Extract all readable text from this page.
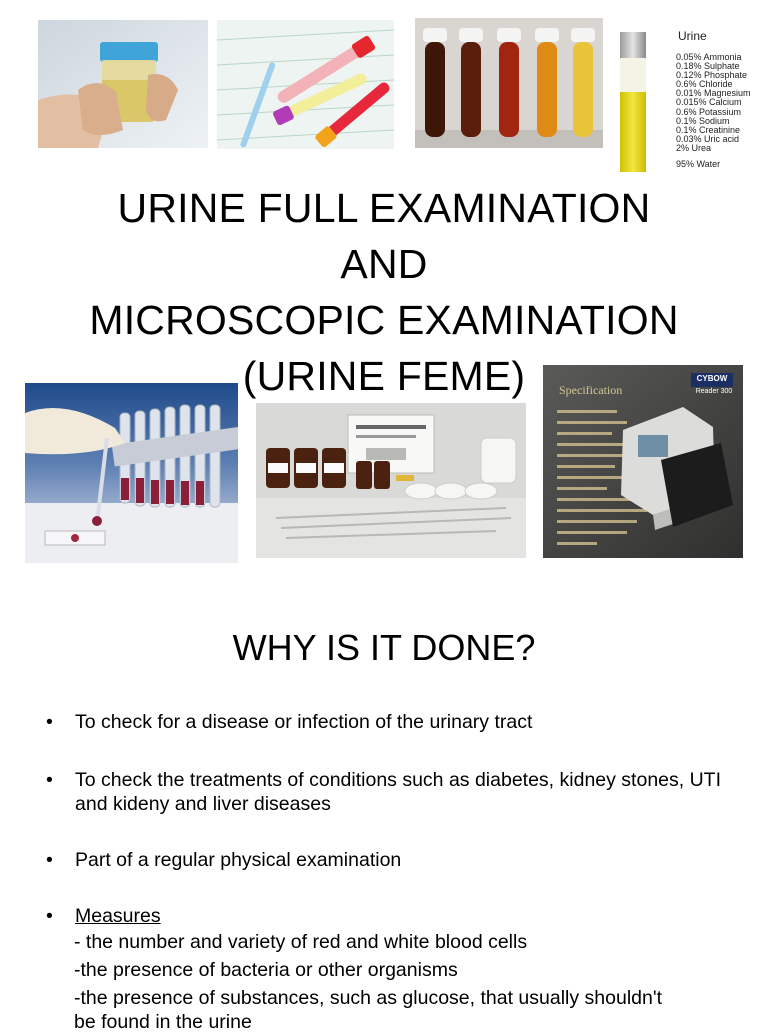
Urine
0.05% Ammonia
0.18% Sulphate
0.12% Phosphate
0.6% Chloride
0.01% Magnesium
0.015% Calcium
0.6% Potassium
0.1% Sodium
0.1% Creatinine
0.03% Uric acid
2% Urea
95% Water
URINE FULL EXAMINATION
AND
MICROSCOPIC EXAMINATION
(URINE FEME)	Specification
CYBOW
Reader 300
WHY IS IT DONE?
• To check for a disease or infection of the urinary tract
• To check the treatments of conditions such as diabetes, kidney stones, UTI and kideny and liver diseases
• Part of a regular physical examination
• Measures
- the number and variety of red and white blood cells
-the presence of bacteria or other organisms
-the presence of substances, such as glucose, that usually shouldn't
be found in the urine
